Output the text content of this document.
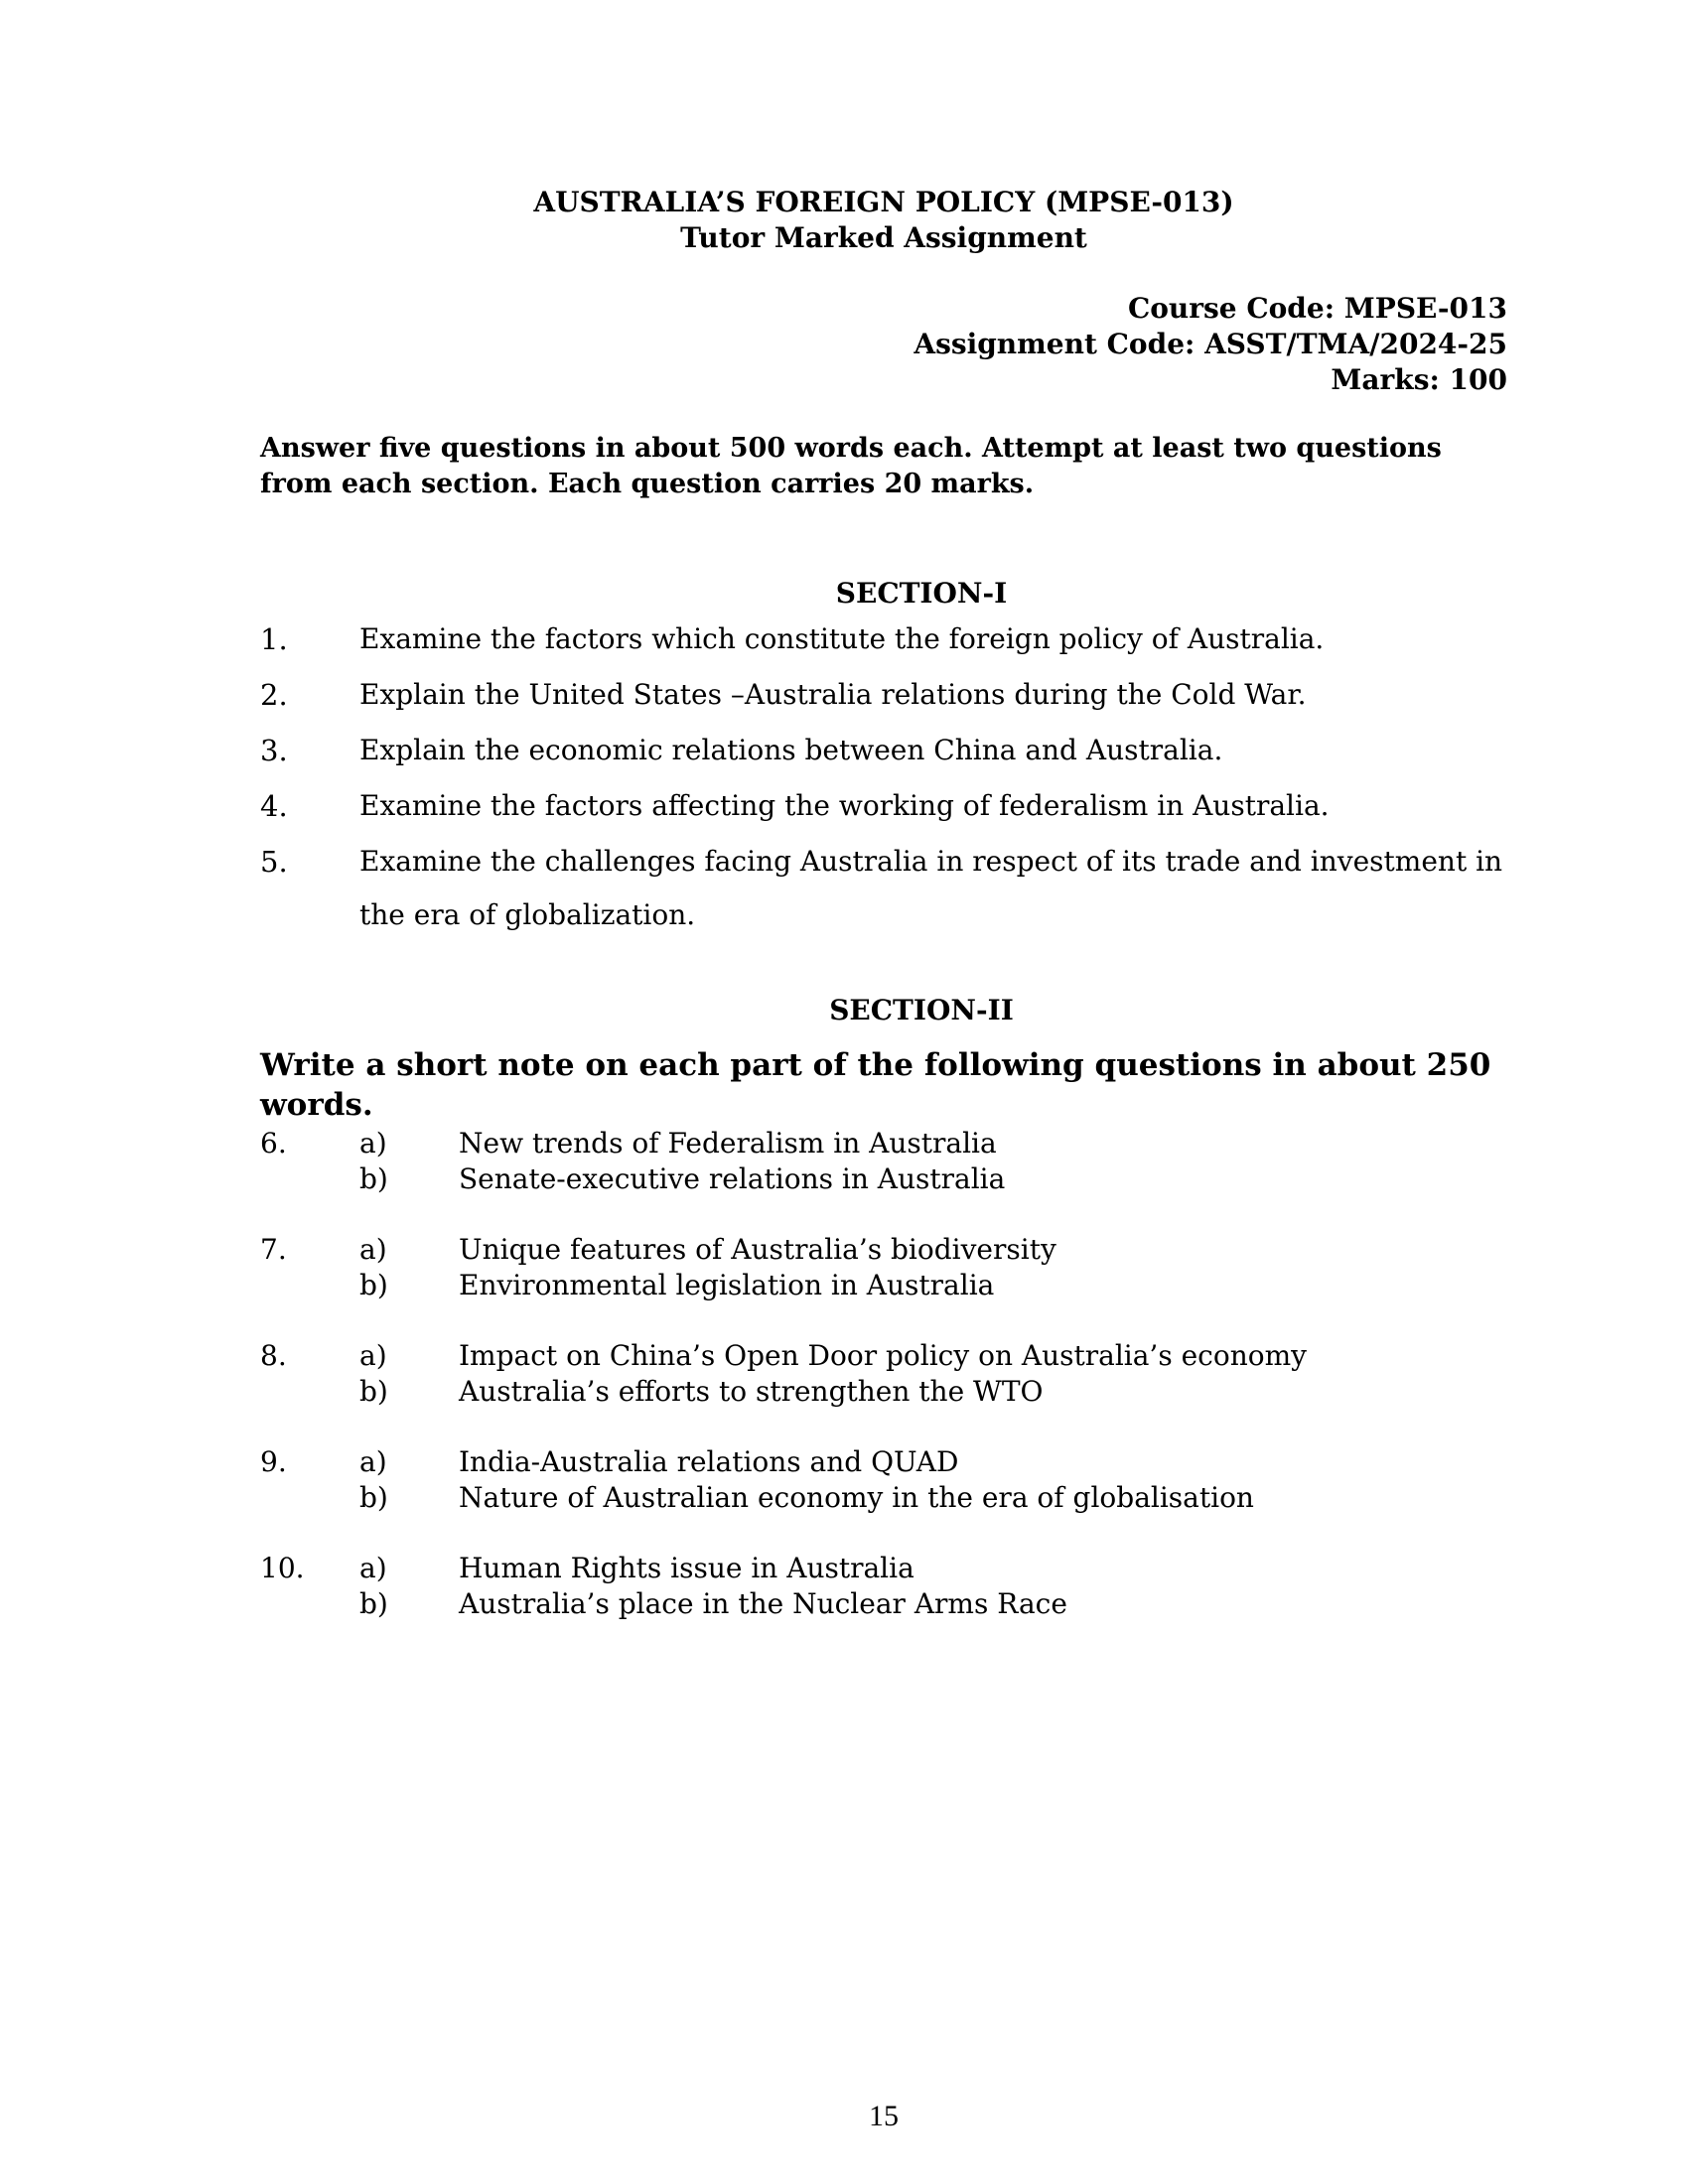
AUSTRALIA’S FOREIGN POLICY (MPSE-013)
Tutor Marked Assignment
Course Code: MPSE-013
Assignment Code: ASST/TMA/2024-25
Marks: 100
Answer five questions in about 500 words each. Attempt at least two questions from each section. Each question carries 20 marks.
SECTION-I
1.	Examine the factors which constitute the foreign policy of Australia.
2.	Explain the United States –Australia relations during the Cold War.
3.	Explain the economic relations between China and Australia.
4.	Examine the factors affecting the working of federalism in Australia.
5.	Examine the challenges facing Australia in respect of its trade and investment in the era of globalization.
SECTION-II
Write a short note on each part of the following questions in about 250 words.
6.	a)	New trends of Federalism in Australia
b)	Senate-executive relations in Australia
7.	a)	Unique features of Australia’s biodiversity
b)	Environmental legislation in Australia
8.	a)	Impact on China’s Open Door policy on Australia’s economy
b)	Australia’s efforts to strengthen the WTO
9.	a)	India-Australia relations and QUAD
b)	Nature of Australian economy in the era of globalisation
10.	a)	Human Rights issue in Australia
b)	Australia’s place in the Nuclear Arms Race
15
